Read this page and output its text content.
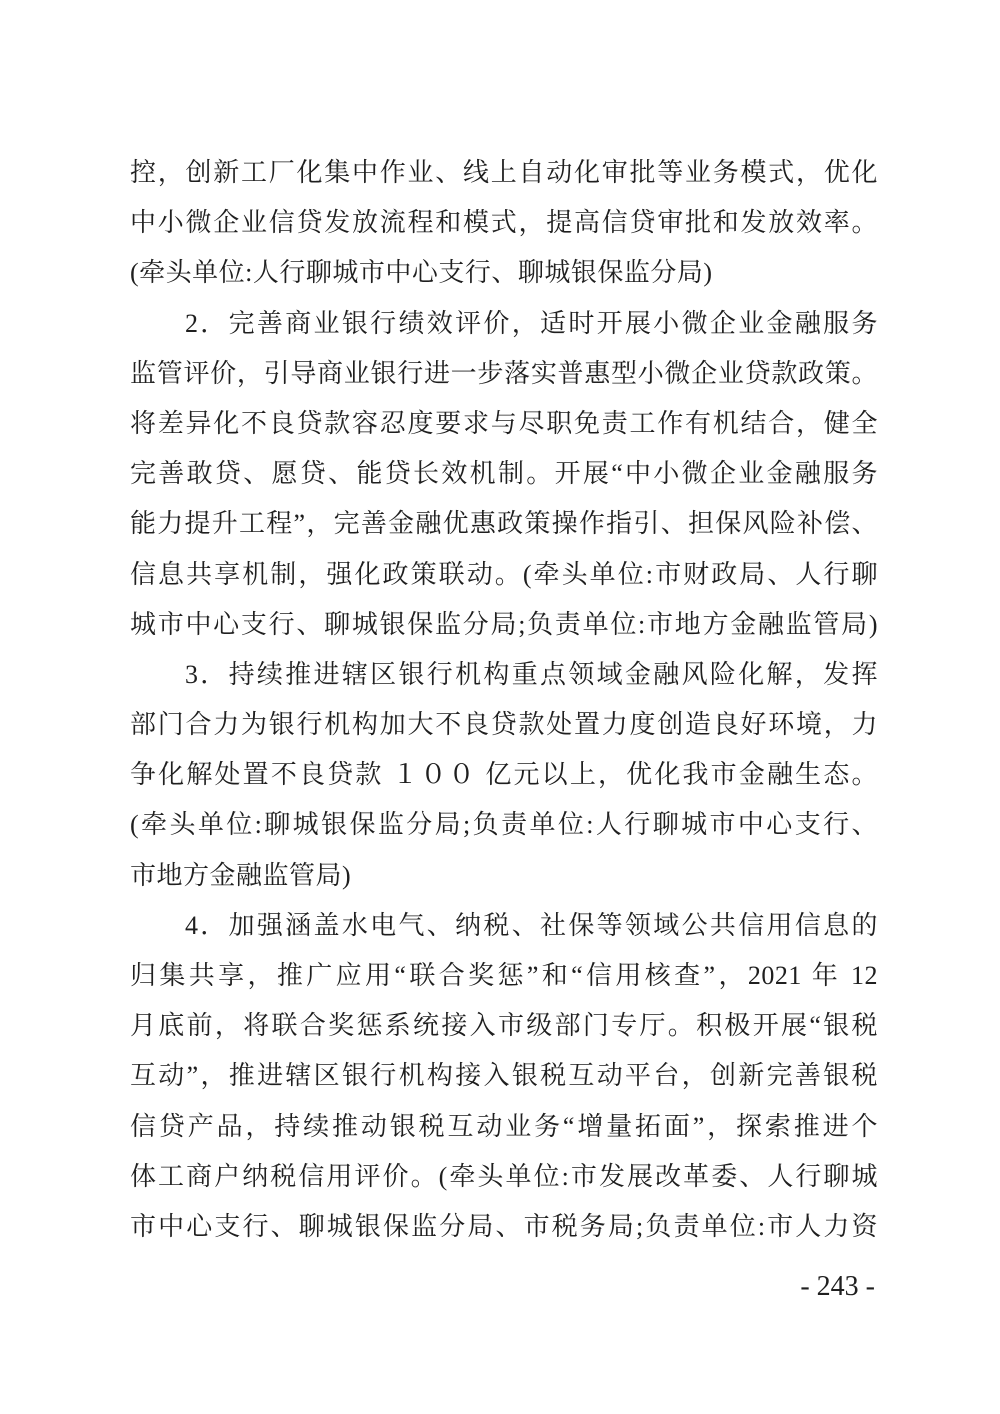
控，创新工厂化集中作业、线上自动化审批等业务模式，优化

中小微企业信贷发放流程和模式，提高信贷审批和发放效率。

(牵头单位:人行聊城市中心支行、聊城银保监分局)

2．完善商业银行绩效评价，适时开展小微企业金融服务

监管评价，引导商业银行进一步落实普惠型小微企业贷款政策。

将差异化不良贷款容忍度要求与尽职免责工作有机结合，健全

完善敢贷、愿贷、能贷长效机制。开展“中小微企业金融服务

能力提升工程”，完善金融优惠政策操作指引、担保风险补偿、

信息共享机制，强化政策联动。(牵头单位:市财政局、人行聊

城市中心支行、聊城银保监分局;负责单位:市地方金融监管局)

3．持续推进辖区银行机构重点领域金融风险化解，发挥

部门合力为银行机构加大不良贷款处置力度创造良好环境，力

争化解处置不良贷款 １００ 亿元以上，优化我市金融生态。

(牵头单位:聊城银保监分局;负责单位:人行聊城市中心支行、

市地方金融监管局)

4．加强涵盖水电气、纳税、社保等领域公共信用信息的

归集共享，推广应用“联合奖惩”和“信用核查”，2021 年 12

月底前，将联合奖惩系统接入市级部门专厅。积极开展“银税

互动”，推进辖区银行机构接入银税互动平台，创新完善银税

信贷产品，持续推动银税互动业务“增量拓面”，探索推进个

体工商户纳税信用评价。(牵头单位:市发展改革委、人行聊城

市中心支行、聊城银保监分局、市税务局;负责单位:市人力资

- 243 -
